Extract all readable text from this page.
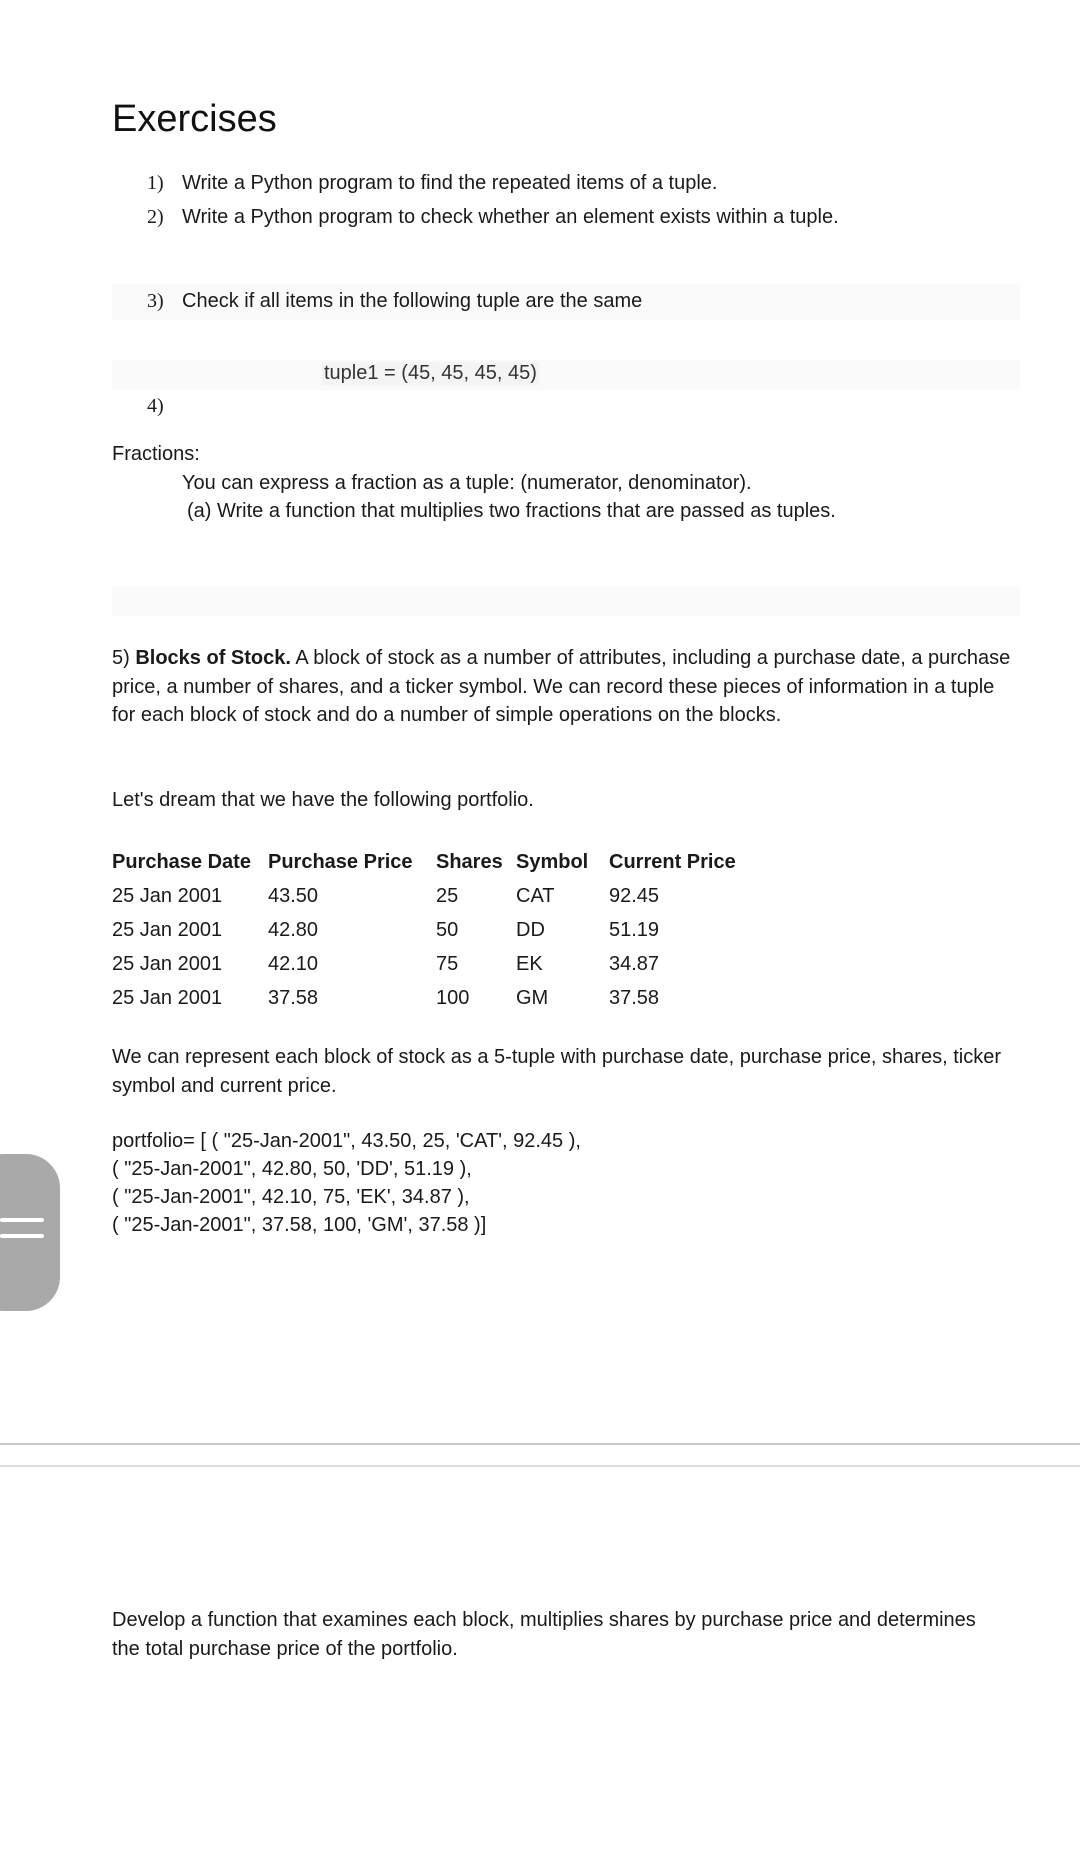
Exercises
1) Write a Python program to find the repeated items of a tuple.
2) Write a Python program to check whether an element exists within a tuple.
3) Check if all items in the following tuple are the same
tuple1 = (45, 45, 45, 45)
4)
Fractions:
You can express a fraction as a tuple: (numerator, denominator).
(a) Write a function that multiplies two fractions that are passed as tuples.
5) Blocks of Stock. A block of stock as a number of attributes, including a purchase date, a purchase price, a number of shares, and a ticker symbol. We can record these pieces of information in a tuple for each block of stock and do a number of simple operations on the blocks.
Let's dream that we have the following portfolio.
Purchase Date	Purchase Price	Shares	Symbol	Current Price
25 Jan 2001	43.50	25	CAT	92.45
25 Jan 2001	42.80	50	DD	51.19
25 Jan 2001	42.10	75	EK	34.87
25 Jan 2001	37.58	100	GM	37.58
We can represent each block of stock as a 5-tuple with purchase date, purchase price, shares, ticker symbol and current price.
portfolio= [ ( "25-Jan-2001", 43.50, 25, 'CAT', 92.45 ),
( "25-Jan-2001", 42.80, 50, 'DD', 51.19 ),
( "25-Jan-2001", 42.10, 75, 'EK', 34.87 ),
( "25-Jan-2001", 37.58, 100, 'GM', 37.58 )]
Develop a function that examines each block, multiplies shares by purchase price and determines the total purchase price of the portfolio.
